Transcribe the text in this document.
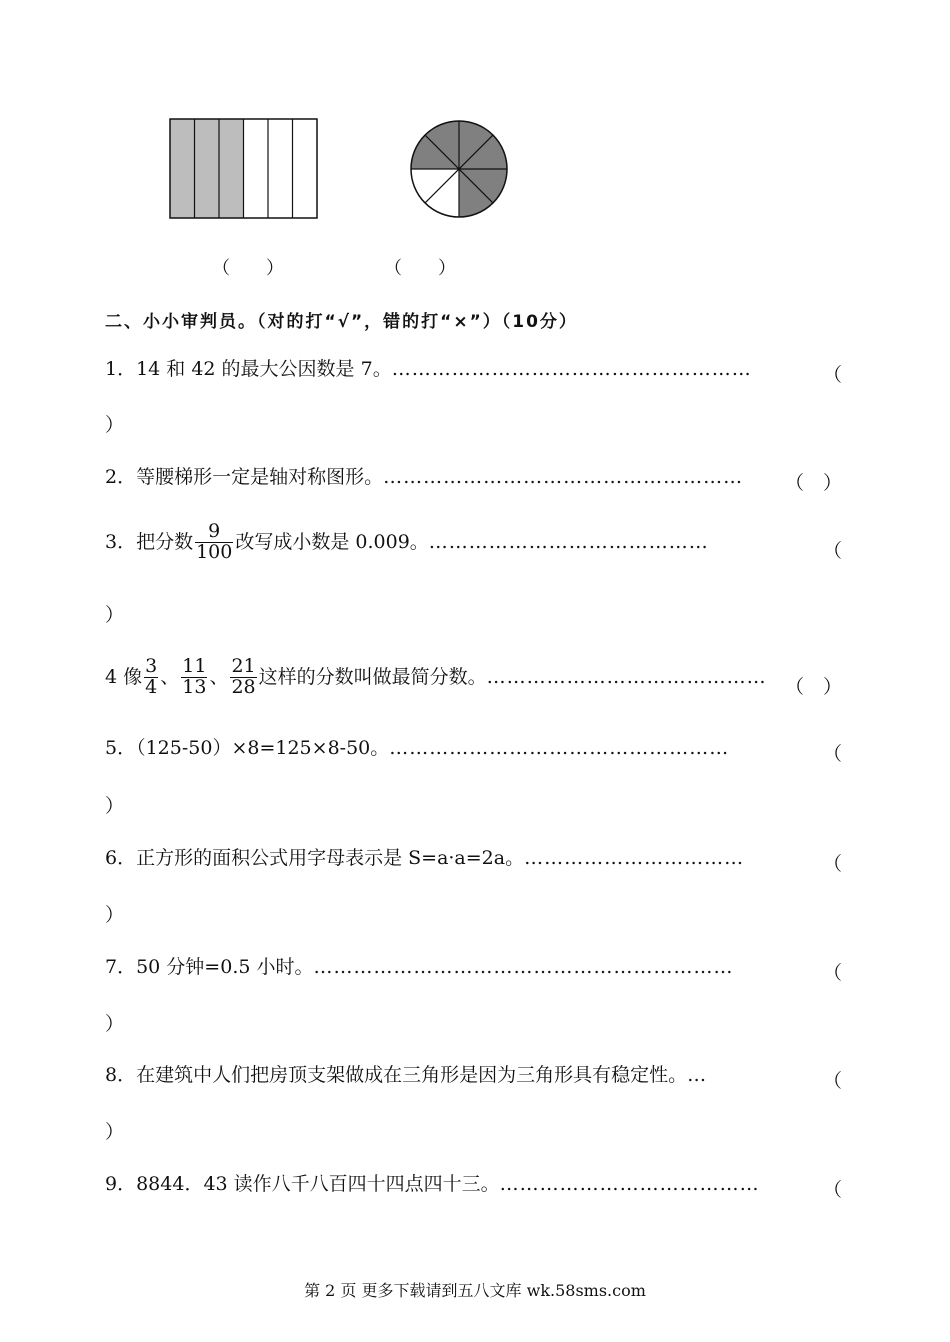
（　　）	（　　）
二、小小审判员。（对的打“√”，错的打“×”）（10分）
1．14 和 42 的最大公因数是 7。………………………………………………	（
）
2．等腰梯形一定是轴对称图形。……………………………………………… （　）
3．把分数 $\frac{9}{100}$ 改写成小数是 0.009。……………………………………	（
）
4 像 $\frac{3}{4}$ 、 $\frac{11}{13}$ 、 $\frac{21}{28}$ 这样的分数叫做最简分数。…………………………………… （　）
5．（125-50）×8=125×8-50。……………………………………………	（
）
6．正方形的面积公式用字母表示是 S=a·a=2a。……………………………	（
）
7．50 分钟=0.5 小时。………………………………………………………	（
）
8．在建筑中人们把房顶支架做成在三角形是因为三角形具有稳定性。…	（
）
9．8844．43 读作八千八百四十四点四十三。…………………………………	（
第 2 页 更多下载请到五八文库 wk.58sms.com
